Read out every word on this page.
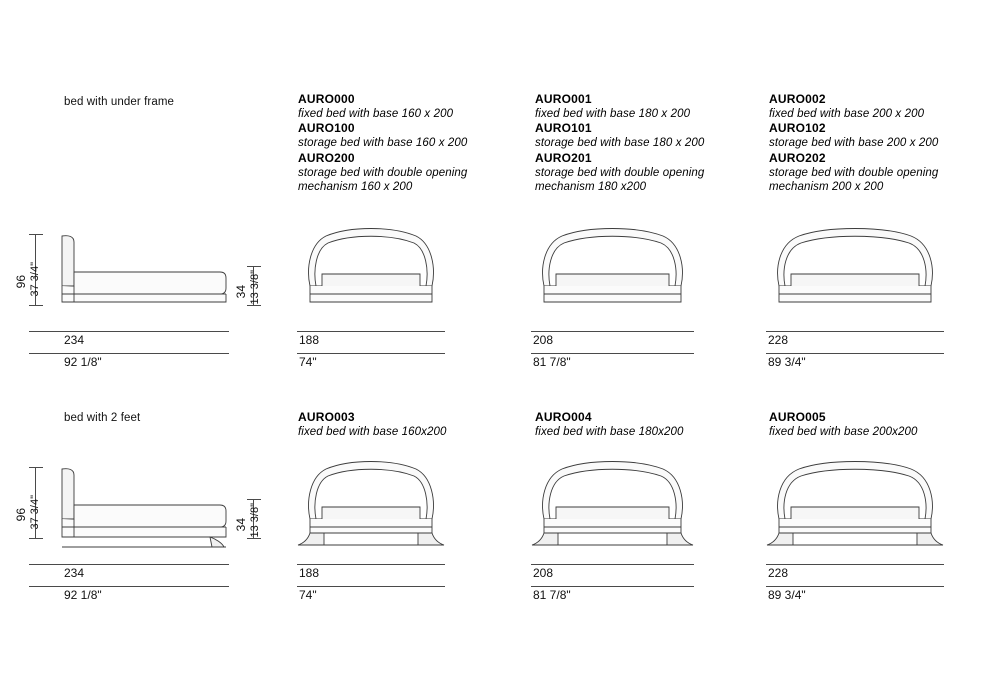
bed with under frame	AURO000
fixed bed with base 160 x 200
AURO100
storage bed with base 160 x 200
AURO200
storage bed with double opening mechanism 160 x 200
AURO001
fixed bed with base 180 x 200
AURO101
storage bed with base 180 x 200
AURO201
storage bed with double opening mechanism 180 x200
AURO002
fixed bed with base 200 x 200
AURO102
storage bed with base 200 x 200
AURO202
storage bed with double opening mechanism 200 x 200
96 37 3/4"
234
92 1/8"
34 13 3/8"
188
74"
208
81 7/8"
228
89 3/4"
bed with 2 feet	AURO003
fixed bed with base 160x200
AURO004
fixed bed with base 180x200
AURO005
fixed bed with base 200x200
96 37 3/4"
234
92 1/8"
34 13 3/8"
188
74"
208
81 7/8"
228
89 3/4"
